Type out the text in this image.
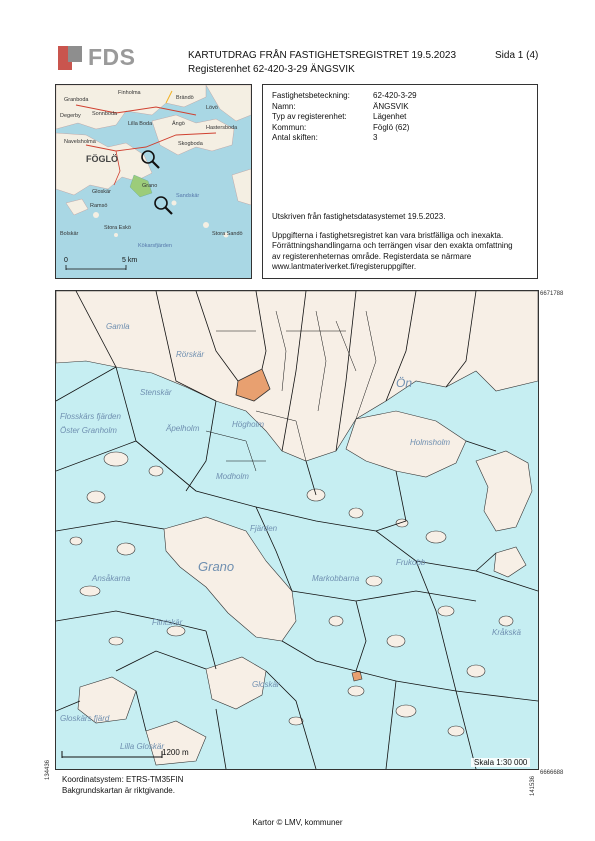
FDS	KARTUTDRAG FRÅN FASTIGHETSREGISTRET 19.5.2023
Registerenhet 62-420-3-29 ÄNGSVIK
Sida 1 (4)
Finholma
Granboda	Brändö
Sonnboda
Lövö
Degerby
Lilla Boda	Ängö
Navelsholma	Skogboda
Hastersboda
FÖGLÖ
Gloskär
Grano
Stora Sandö
Bolskär
Stora Eskö
Ramsö
Kökarsfjärden
Sandskär
0	5 km
Fastighetsbeteckning:	62-420-3-29
Namn:	ÄNGSVIK
Typ av registerenhet:	Lägenhet
Kommun:	Föglö (62)
Antal skiften:	3

Utskriven från fastighetsdatasystemet 19.5.2023.

Uppgifterna i fastighetsregistret kan vara bristfälliga och inexakta.
Förrättningshandlingarna och terrängen visar den exakta omfattning
av registerenheternas område. Registerdata se närmare
www.lantmateriverket.fi/registeruppgifter.
Gamla
Stenskär
Rörskär
Flosskärs fjärden
Öster Granholm	Äpelholm	Högholm
Modholm
Holmsholm
Ön
Fjärden
Grano
Markobbarna
Frukobb
Ansåkarna
Kråkskä
Gloskär
Lilla Gloskär
Gloskärs fjärd
Flintskär
1200 m
6671788
6666688
134436
141536
Skala 1:30 000
Koordinatsystem: ETRS-TM35FIN
Bakgrundskartan är riktgivande.
Kartor © LMV, kommuner
